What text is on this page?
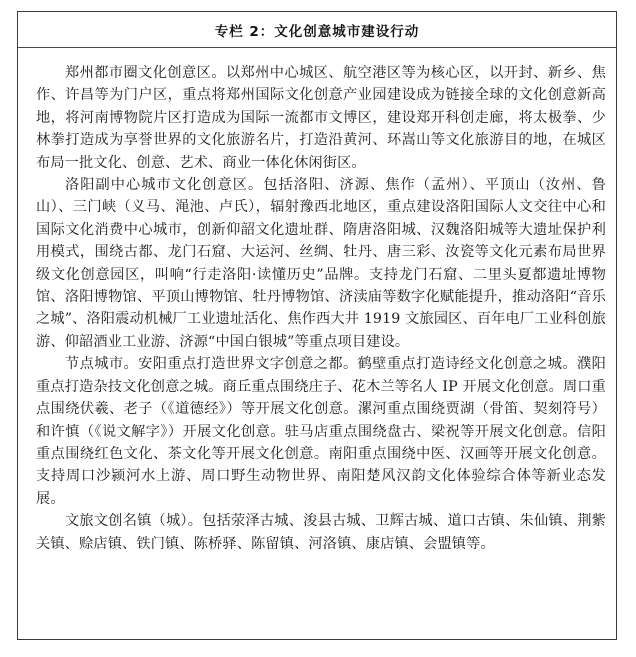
专栏 2：文化创意城市建设行动

郑州都市圈文化创意区。以郑州中心城区、航空港区等为核心区，以开封、新乡、焦作、许昌等为门户区，重点将郑州国际文化创意产业园建设成为链接全球的文化创意新高地，将河南博物院片区打造成为国际一流都市文博区，建设郑开科创走廊，将太极拳、少林拳打造成为享誉世界的文化旅游名片，打造沿黄河、环嵩山等文化旅游目的地，在城区布局一批文化、创意、艺术、商业一体化休闲街区。

洛阳副中心城市文化创意区。包括洛阳、济源、焦作（孟州）、平顶山（汝州、鲁山）、三门峡（义马、渑池、卢氏），辐射豫西北地区，重点建设洛阳国际人文交往中心和国际文化消费中心城市，创新仰韶文化遗址群、隋唐洛阳城、汉魏洛阳城等大遗址保护利用模式，围绕古都、龙门石窟、大运河、丝绸、牡丹、唐三彩、汝瓷等文化元素布局世界级文化创意园区，叫响“行走洛阳·读懂历史”品牌。支持龙门石窟、二里头夏都遗址博物馆、洛阳博物馆、平顶山博物馆、牡丹博物馆、济渎庙等数字化赋能提升，推动洛阳“音乐之城”、洛阳震动机械厂工业遗址活化、焦作西大井 1919 文旅园区、百年电厂工业科创旅游、仰韶酒业工业游、济源“中国白银城”等重点项目建设。

节点城市。安阳重点打造世界文字创意之都。鹤壁重点打造诗经文化创意之城。濮阳重点打造杂技文化创意之城。商丘重点围绕庄子、花木兰等名人 IP 开展文化创意。周口重点围绕伏羲、老子（《道德经》）等开展文化创意。漯河重点围绕贾湖（骨笛、契刻符号）和许慎（《说文解字》）开展文化创意。驻马店重点围绕盘古、梁祝等开展文化创意。信阳重点围绕红色文化、茶文化等开展文化创意。南阳重点围绕中医、汉画等开展文化创意。支持周口沙颍河水上游、周口野生动物世界、南阳楚风汉韵文化体验综合体等新业态发展。

文旅文创名镇（城）。包括荥泽古城、浚县古城、卫辉古城、道口古镇、朱仙镇、荆紫关镇、赊店镇、铁门镇、陈桥驿、陈留镇、河洛镇、康店镇、会盟镇等。
